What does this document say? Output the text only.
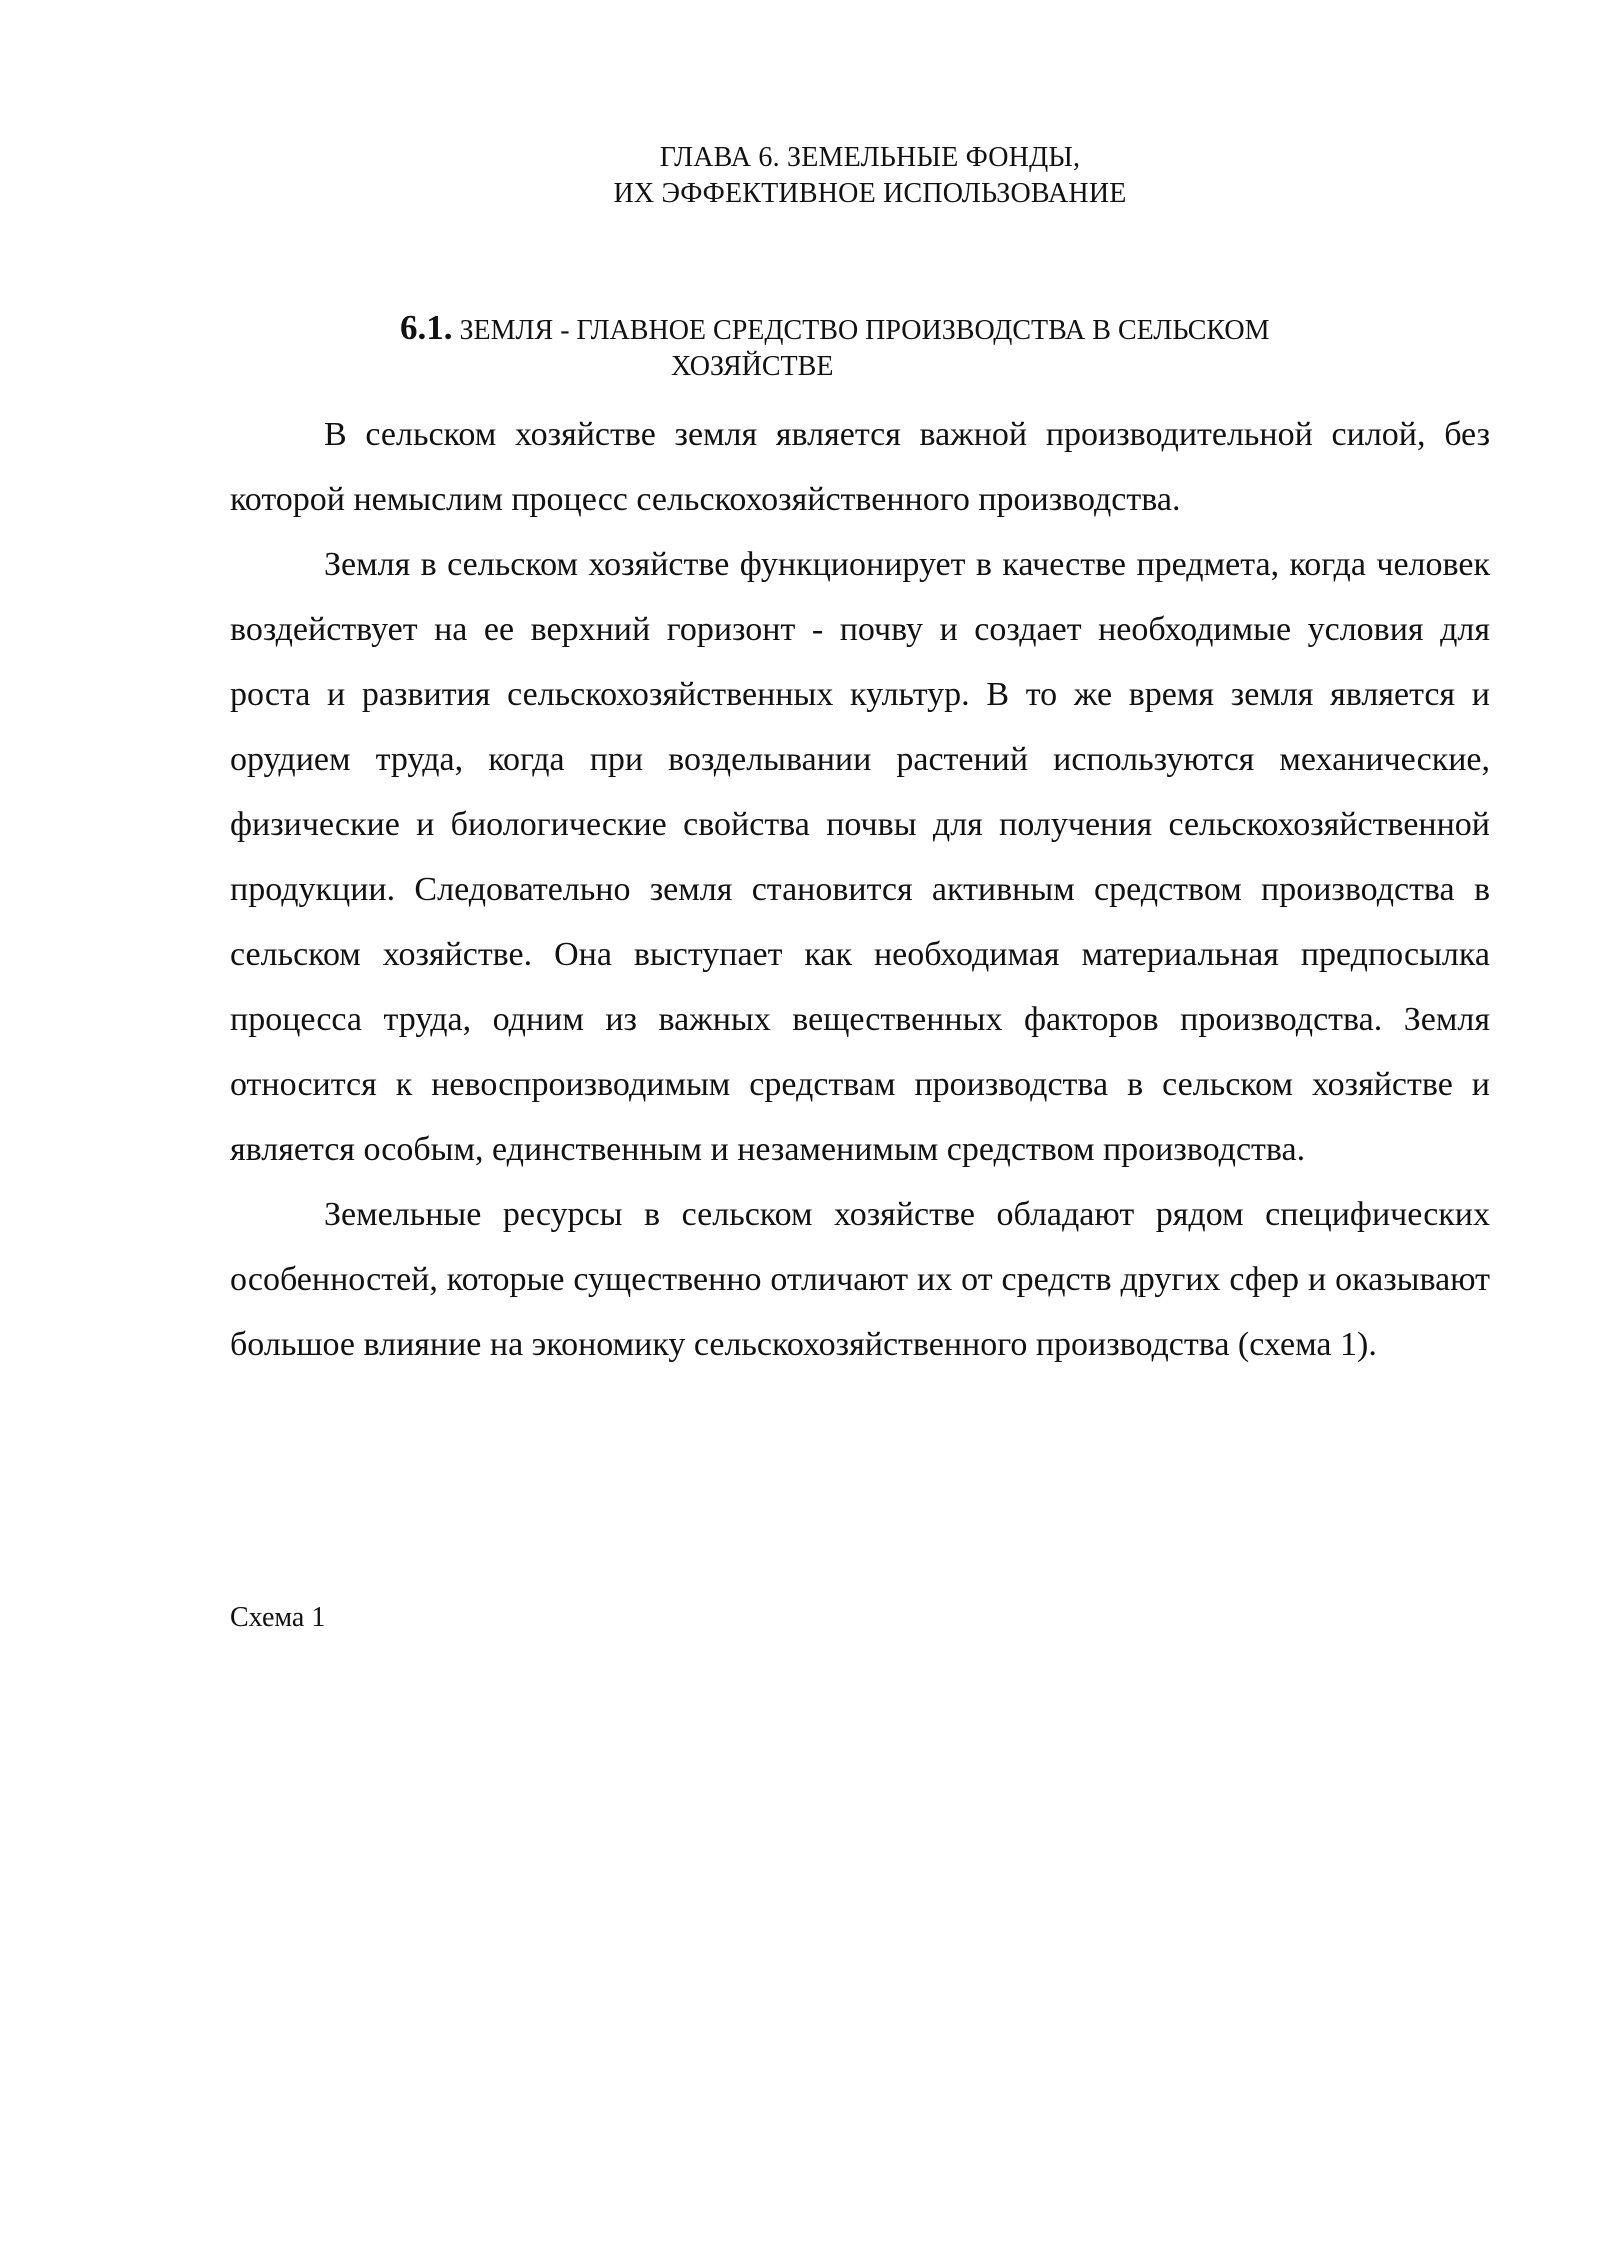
ГЛАВА 6. ЗЕМЕЛЬНЫЕ ФОНДЫ,
ИХ ЭФФЕКТИВНОЕ ИСПОЛЬЗОВАНИЕ
6.1. ЗЕМЛЯ - ГЛАВНОЕ СРЕДСТВО ПРОИЗВОДСТВА В СЕЛЬСКОМ
ХОЗЯЙСТВЕ

В сельском хозяйстве земля является важной производительной силой, без которой немыслим процесс сельскохозяйственного производства.

Земля в сельском хозяйстве функционирует в качестве предмета, когда человек воздействует на ее верхний горизонт - почву и создает необходимые условия для роста и развития сельскохозяйственных культур. В то же время земля является и орудием труда, когда при возделывании растений используются механические, физические и биологические свойства почвы для получения сельскохозяйственной продукции. Следовательно земля становится активным средством производства в сельском хозяйстве. Она выступает как необходимая материальная предпосылка процесса труда, одним из важных вещественных факторов производства. Земля относится к невоспроизводимым средствам производства в сельском хозяйстве и является особым, единственным и незаменимым средством производства.

Земельные ресурсы в сельском хозяйстве обладают рядом специфических особенностей, которые существенно отличают их от средств других сфер и оказывают большое влияние на экономику сельскохозяйственного производства (схема 1).

Схема 1
